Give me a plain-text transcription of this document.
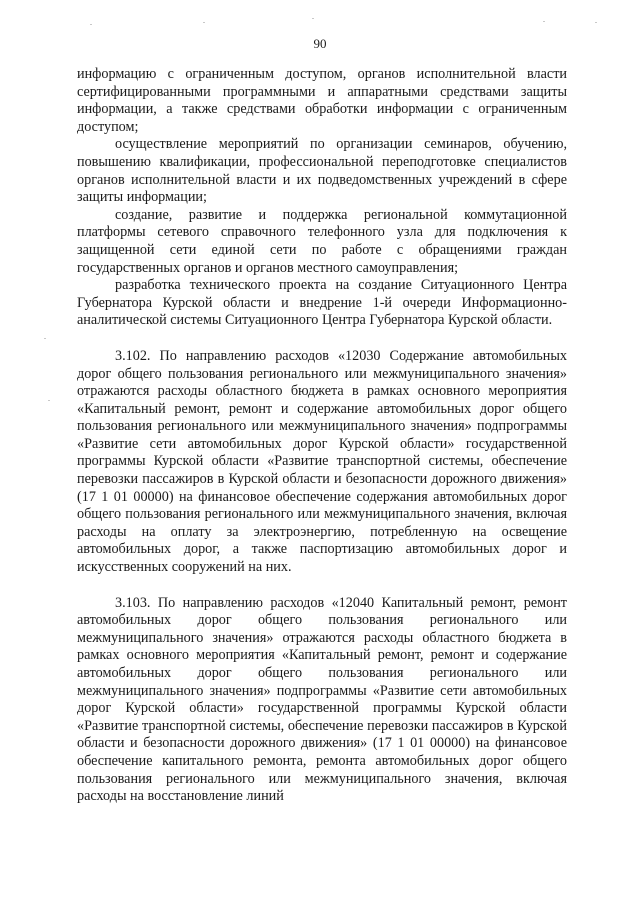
90

информацию с ограниченным доступом, органов исполнительной власти сертифицированными программными и аппаратными средствами защиты информации, а также средствами обработки информации с ограниченным доступом;

осуществление мероприятий по организации семинаров, обучению, повышению квалификации, профессиональной переподготовке специалистов органов исполнительной власти и их подведомственных учреждений в сфере защиты информации;

создание, развитие и поддержка региональной коммутационной платформы сетевого справочного телефонного узла для подключения к защищенной сети единой сети по работе с обращениями граждан государственных органов и органов местного самоуправления;

разработка технического проекта на создание Ситуационного Центра Губернатора Курской области и внедрение 1-й очереди Информационно-аналитической системы Ситуационного Центра Губернатора Курской области.

3.102. По направлению расходов «12030 Содержание автомобильных дорог общего пользования регионального или межмуниципального значения» отражаются расходы областного бюджета в рамках основного мероприятия «Капитальный ремонт, ремонт и содержание автомобильных дорог общего пользования регионального или межмуниципального значения» подпрограммы «Развитие сети автомобильных дорог Курской области» государственной программы Курской области «Развитие транспортной системы, обеспечение перевозки пассажиров в Курской области и безопасности дорожного движения» (17 1 01 00000) на финансовое обеспечение содержания автомобильных дорог общего пользования регионального или межмуниципального значения, включая расходы на оплату за электроэнергию, потребленную на освещение автомобильных дорог, а также паспортизацию автомобильных дорог и искусственных сооружений на них.

3.103. По направлению расходов «12040 Капитальный ремонт, ремонт автомобильных дорог общего пользования регионального или межмуниципального значения» отражаются расходы областного бюджета в рамках основного мероприятия «Капитальный ремонт, ремонт и содержание автомобильных дорог общего пользования регионального или межмуниципального значения» подпрограммы «Развитие сети автомобильных дорог Курской области» государственной программы Курской области «Развитие транспортной системы, обеспечение перевозки пассажиров в Курской области и безопасности дорожного движения» (17 1 01 00000) на финансовое обеспечение капитального ремонта, ремонта автомобильных дорог общего пользования регионального или межмуниципального значения, включая расходы на восстановление линий
